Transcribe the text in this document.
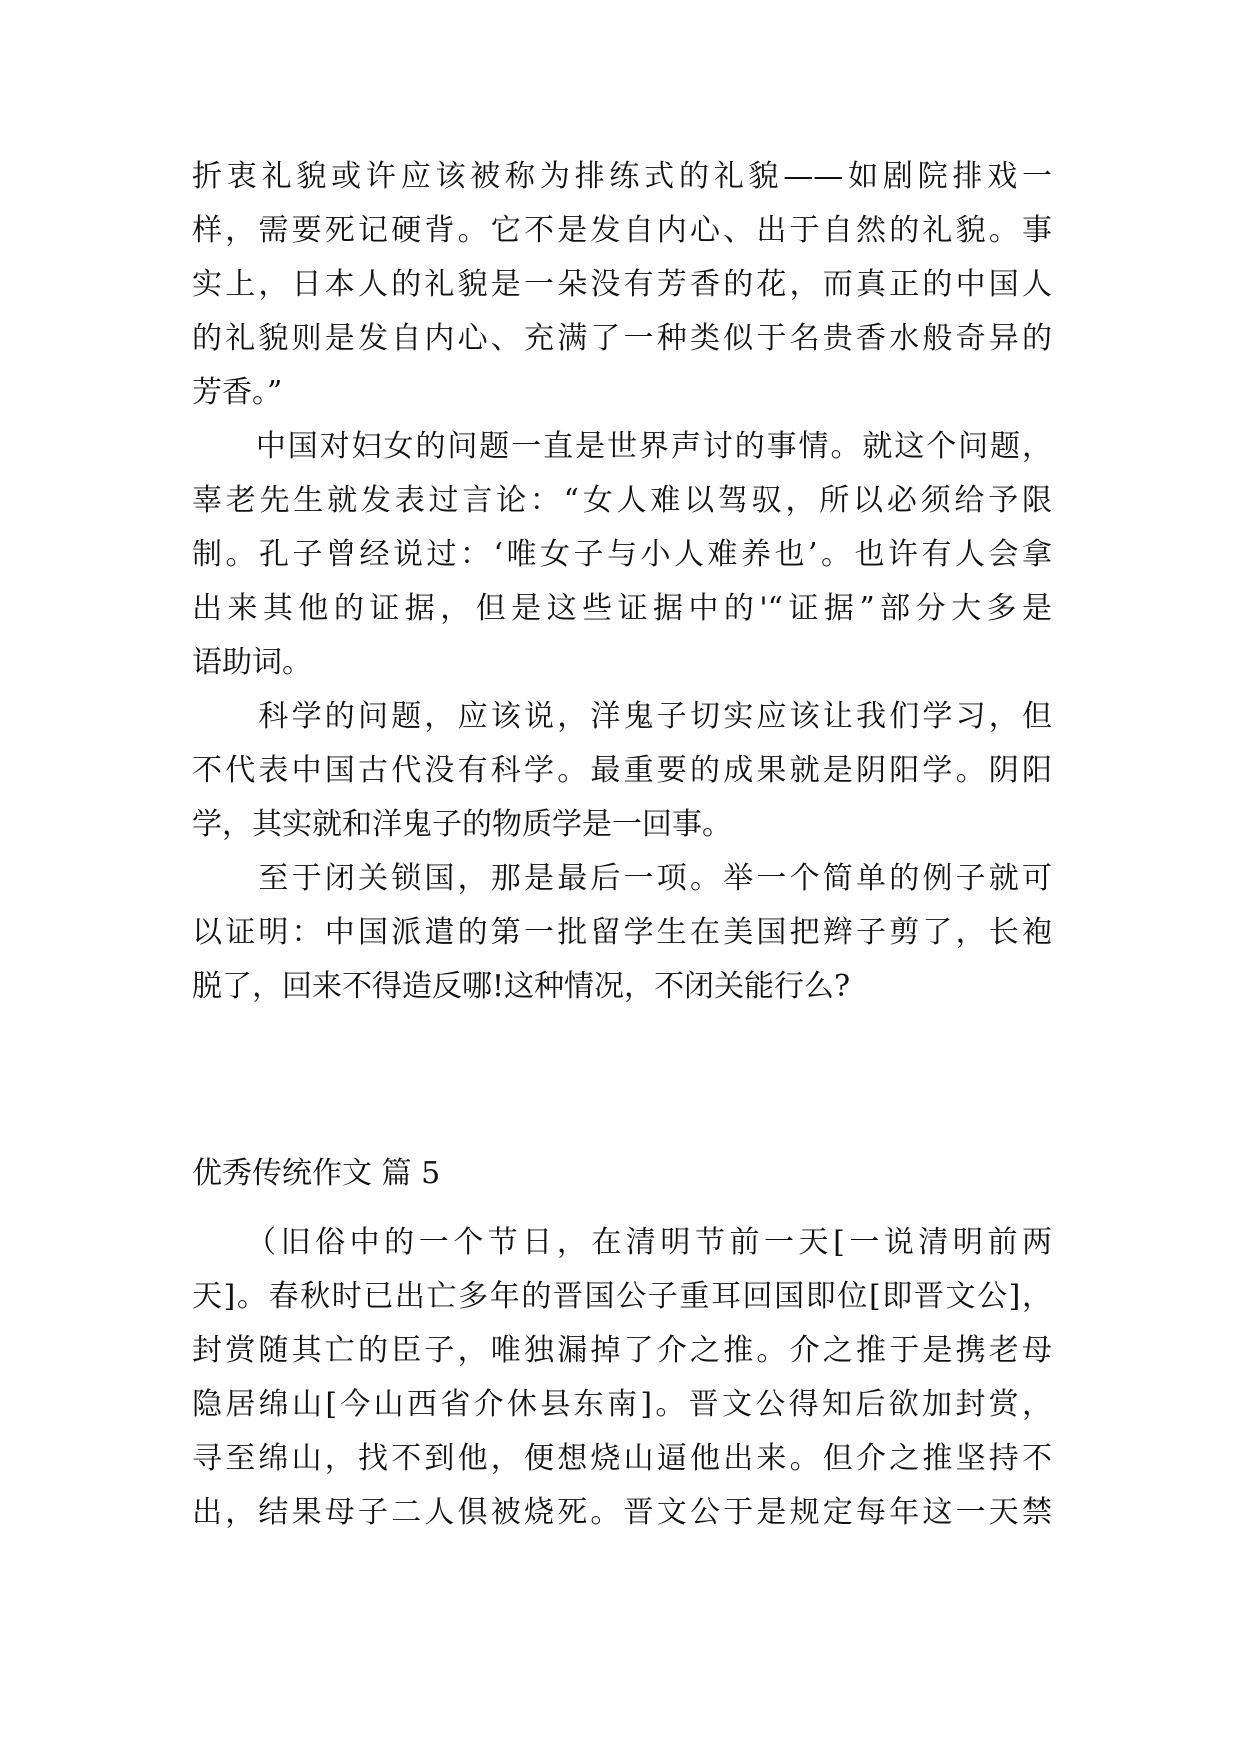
折衷礼貌或许应该被称为排练式的礼貌——如剧院排戏一
样，需要死记硬背。它不是发自内心、出于自然的礼貌。事
实上，日本人的礼貌是一朵没有芳香的花，而真正的中国人
的礼貌则是发自内心、充满了一种类似于名贵香水般奇异的
芳香。”
　　中国对妇女的问题一直是世界声讨的事情。就这个问题，
辜老先生就发表过言论：“女人难以驾驭，所以必须给予限
制。孔子曾经说过：‘唯女子与小人难养也’。也许有人会拿
出来其他的证据，但是这些证据中的'“证据”部分大多是
语助词。
　　科学的问题，应该说，洋鬼子切实应该让我们学习，但
不代表中国古代没有科学。最重要的成果就是阴阳学。阴阳
学，其实就和洋鬼子的物质学是一回事。
　　至于闭关锁国，那是最后一项。举一个简单的例子就可
以证明：中国派遣的第一批留学生在美国把辫子剪了，长袍
脱了，回来不得造反哪!这种情况，不闭关能行么?
优秀传统作文 篇 5
　　（旧俗中的一个节日，在清明节前一天[一说清明前两
天]。春秋时已出亡多年的晋国公子重耳回国即位[即晋文公]，
封赏随其亡的臣子，唯独漏掉了介之推。介之推于是携老母
隐居绵山[今山西省介休县东南]。晋文公得知后欲加封赏，
寻至绵山，找不到他，便想烧山逼他出来。但介之推坚持不
出，结果母子二人俱被烧死。晋文公于是规定每年这一天禁
